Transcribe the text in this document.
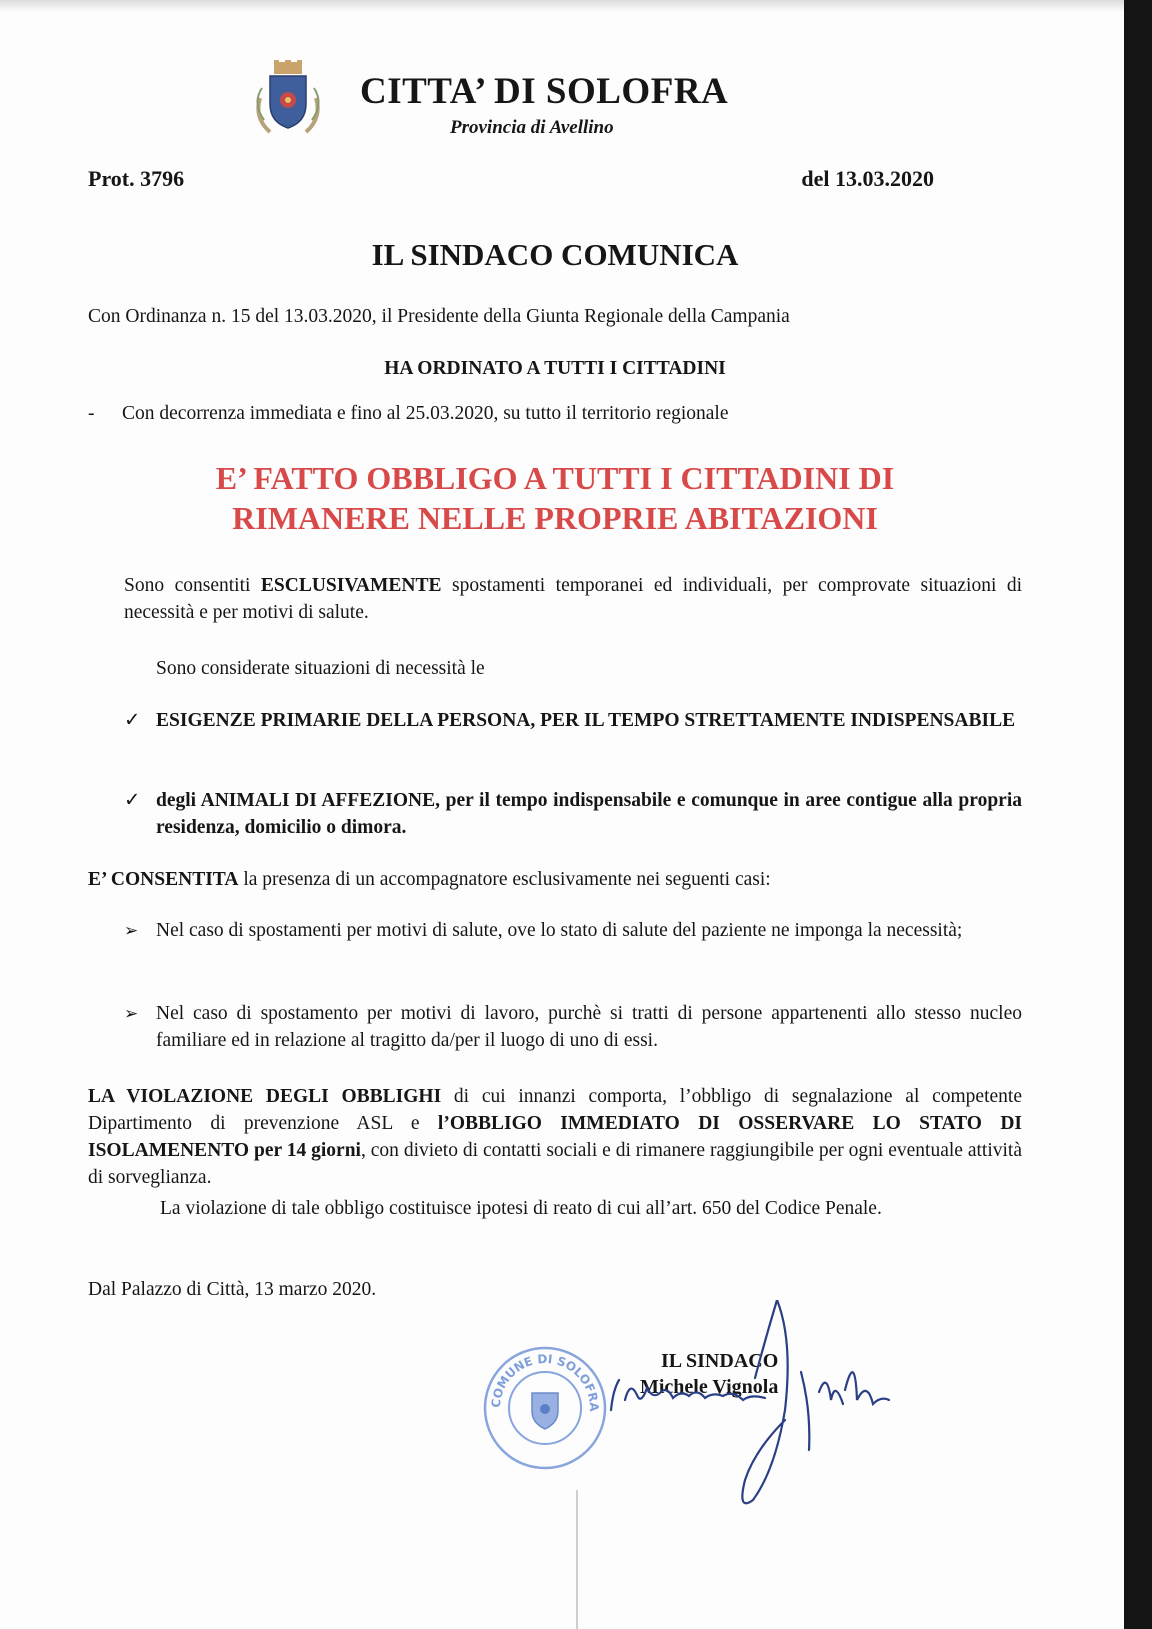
CITTA’ DI SOLOFRA
Provincia di Avellino
Prot. 3796	del 13.03.2020
IL SINDACO COMUNICA
Con Ordinanza n. 15 del 13.03.2020, il Presidente della Giunta Regionale della Campania
HA ORDINATO A TUTTI I CITTADINI
- Con decorrenza immediata e fino al 25.03.2020, su tutto il territorio regionale
E’ FATTO OBBLIGO A TUTTI I CITTADINI DI
RIMANERE NELLE PROPRIE ABITAZIONI
Sono consentiti ESCLUSIVAMENTE spostamenti temporanei ed individuali, per comprovate situazioni di necessità e per motivi di salute.
Sono considerate situazioni di necessità le
✓ ESIGENZE PRIMARIE DELLA PERSONA, PER IL TEMPO STRETTAMENTE INDISPENSABILE
✓ degli ANIMALI DI AFFEZIONE, per il tempo indispensabile e comunque in aree contigue alla propria residenza, domicilio o dimora.
E’ CONSENTITA la presenza di un accompagnatore esclusivamente nei seguenti casi:
➢ Nel caso di spostamenti per motivi di salute, ove lo stato di salute del paziente ne imponga la necessità;
➢ Nel caso di spostamento per motivi di lavoro, purchè si tratti di persone appartenenti allo stesso nucleo familiare ed in relazione al tragitto da/per il luogo di uno di essi.
LA VIOLAZIONE DEGLI OBBLIGHI di cui innanzi comporta, l’obbligo di segnalazione al competente Dipartimento di prevenzione ASL e l’OBBLIGO IMMEDIATO DI OSSERVARE LO STATO DI ISOLAMENENTO per 14 giorni, con divieto di contatti sociali e di rimanere raggiungibile per ogni eventuale attività di sorveglianza.
La violazione di tale obbligo costituisce ipotesi di reato di cui all’art. 650 del Codice Penale.
Dal Palazzo di Città, 13 marzo 2020.
COMUNE DI SOLOFRA
IL SINDACO
Michele Vignola
